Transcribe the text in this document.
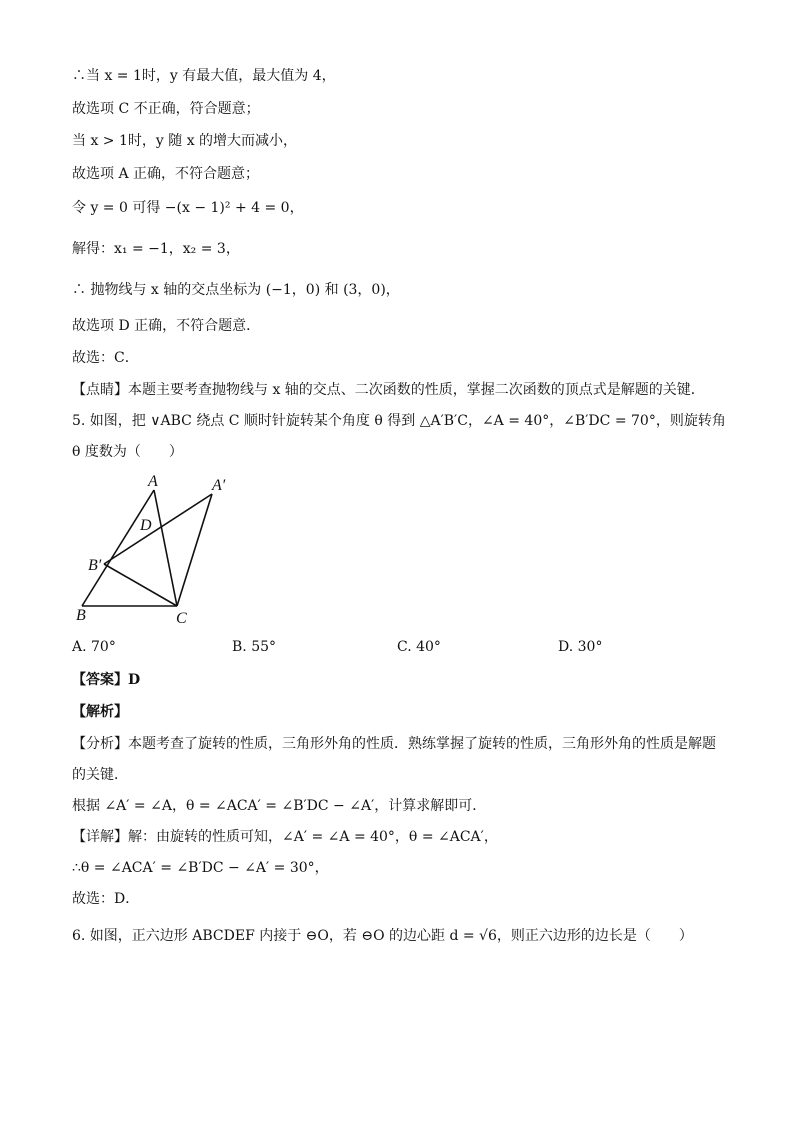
∴当 x = 1时，y 有最大值，最大值为 4，
故选项 C 不正确，符合题意；
当 x > 1时，y 随 x 的增大而减小，
故选项 A 正确，不符合题意；
令 y = 0 可得 −(x − 1)² + 4 = 0，
解得：x₁ = −1，x₂ = 3，
∴ 抛物线与 x 轴的交点坐标为 (−1，0) 和 (3，0)，
故选项 D 正确，不符合题意．
故选：C．
【点睛】本题主要考查抛物线与 x 轴的交点、二次函数的性质，掌握二次函数的顶点式是解题的关键．
5. 如图，把 ∨ABC 绕点 C 顺时针旋转某个角度 θ 得到 △A′B′C，∠A = 40°，∠B′DC = 70°，则旋转角
θ 度数为（　　）
A	A′
D
B′
B	C
A. 70°	B. 55°	C. 40°	D. 30°
【答案】D
【解析】
【分析】本题考查了旋转的性质，三角形外角的性质．熟练掌握了旋转的性质，三角形外角的性质是解题
的关键．
根据 ∠A′ = ∠A，θ = ∠ACA′ = ∠B′DC − ∠A′，计算求解即可．
【详解】解：由旋转的性质可知，∠A′ = ∠A = 40°，θ = ∠ACA′，
∴θ = ∠ACA′ = ∠B′DC − ∠A′ = 30°，
故选：D．
6. 如图，正六边形 ABCDEF 内接于 ⊖O，若 ⊖O 的边心距 d = √6，则正六边形的边长是（　　）
